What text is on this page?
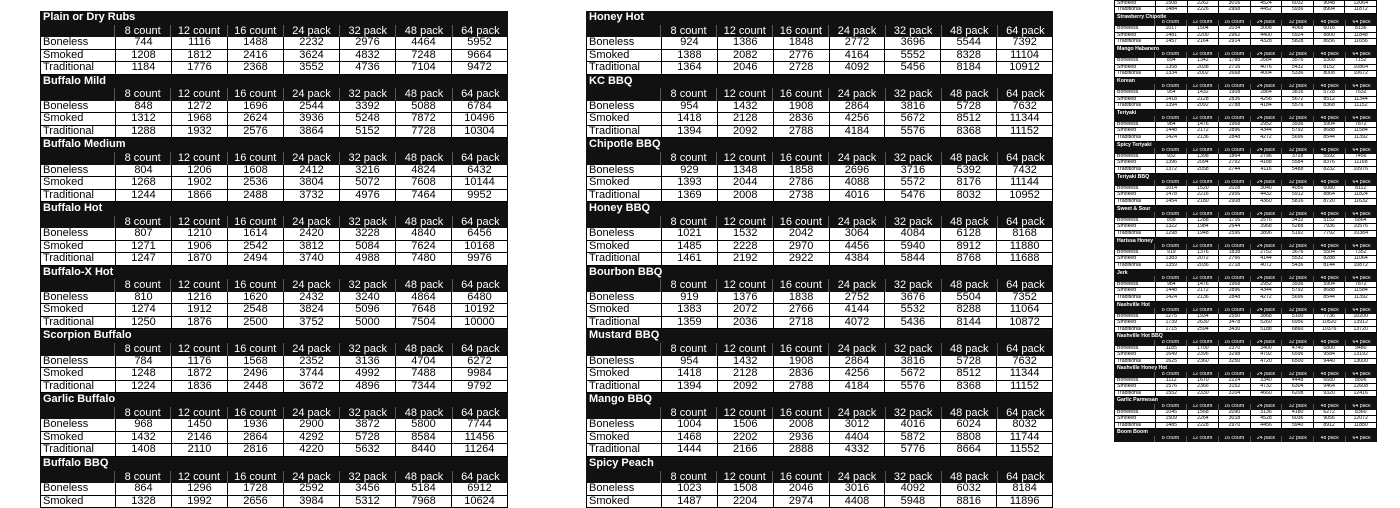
Plain or Dry Rubs
8 count	12 count	16 count	24 pack	32 pack	48 pack	64 pack
Boneless	744	1116	1488	2232	2976	4464	5952
Smoked	1208	1812	2416	3624	4832	7248	9664
Traditional	1184	1776	2368	3552	4736	7104	9472
Buffalo Mild
8 count	12 count	16 count	24 pack	32 pack	48 pack	64 pack
Boneless	848	1272	1696	2544	3392	5088	6784
Smoked	1312	1968	2624	3936	5248	7872	10496
Traditional	1288	1932	2576	3864	5152	7728	10304
Buffalo Medium
8 count	12 count	16 count	24 pack	32 pack	48 pack	64 pack
Boneless	804	1206	1608	2412	3216	4824	6432
Smoked	1268	1902	2536	3804	5072	7608	10144
Traditional	1244	1866	2488	3732	4976	7464	9952
Buffalo Hot
8 count	12 count	16 count	24 pack	32 pack	48 pack	64 pack
Boneless	807	1210	1614	2420	3228	4840	6456
Smoked	1271	1906	2542	3812	5084	7624	10168
Traditional	1247	1870	2494	3740	4988	7480	9976
Buffalo-X Hot
8 count	12 count	16 count	24 pack	32 pack	48 pack	64 pack
Boneless	810	1216	1620	2432	3240	4864	6480
Smoked	1274	1912	2548	3824	5096	7648	10192
Traditional	1250	1876	2500	3752	5000	7504	10000
Scorpion Buffalo
8 count	12 count	16 count	24 pack	32 pack	48 pack	64 pack
Boneless	784	1176	1568	2352	3136	4704	6272
Smoked	1248	1872	2496	3744	4992	7488	9984
Traditional	1224	1836	2448	3672	4896	7344	9792
Garlic Buffalo
8 count	12 count	16 count	24 pack	32 pack	48 pack	64 pack
Boneless	968	1450	1936	2900	3872	5800	7744
Smoked	1432	2146	2864	4292	5728	8584	11456
Traditional	1408	2110	2816	4220	5632	8440	11264
Buffalo BBQ
8 count	12 count	16 count	24 pack	32 pack	48 pack	64 pack
Boneless	864	1296	1728	2592	3456	5184	6912
Smoked	1328	1992	2656	3984	5312	7968	10624
Honey Hot
8 count	12 count	16 count	24 pack	32 pack	48 pack	64 pack
Boneless	924	1386	1848	2772	3696	5544	7392
Smoked	1388	2082	2776	4164	5552	8328	11104
Traditional	1364	2046	2728	4092	5456	8184	10912
KC BBQ
8 count	12 count	16 count	24 pack	32 pack	48 pack	64 pack
Boneless	954	1432	1908	2864	3816	5728	7632
Smoked	1418	2128	2836	4256	5672	8512	11344
Traditional	1394	2092	2788	4184	5576	8368	11152
Chipotle BBQ
8 count	12 count	16 count	24 pack	32 pack	48 pack	64 pack
Boneless	929	1348	1858	2696	3716	5392	7432
Smoked	1393	2044	2786	4088	5572	8176	11144
Traditional	1369	2008	2738	4016	5476	8032	10952
Honey BBQ
8 count	12 count	16 count	24 pack	32 pack	48 pack	64 pack
Boneless	1021	1532	2042	3064	4084	6128	8168
Smoked	1485	2228	2970	4456	5940	8912	11880
Traditional	1461	2192	2922	4384	5844	8768	11688
Bourbon BBQ
8 count	12 count	16 count	24 pack	32 pack	48 pack	64 pack
Boneless	919	1376	1838	2752	3676	5504	7352
Smoked	1383	2072	2766	4144	5532	8288	11064
Traditional	1359	2036	2718	4072	5436	8144	10872
Mustard BBQ
8 count	12 count	16 count	24 pack	32 pack	48 pack	64 pack
Boneless	954	1432	1908	2864	3816	5728	7632
Smoked	1418	2128	2836	4256	5672	8512	11344
Traditional	1394	2092	2788	4184	5576	8368	11152
Mango BBQ
8 count	12 count	16 count	24 pack	32 pack	48 pack	64 pack
Boneless	1004	1506	2008	3012	4016	6024	8032
Smoked	1468	2202	2936	4404	5872	8808	11744
Traditional	1444	2166	2888	4332	5776	8664	11552
Spicy Peach
8 count	12 count	16 count	24 pack	32 pack	48 pack	64 pack
Boneless	1023	1508	2046	3016	4092	6032	8184
Smoked	1487	2204	2974	4408	5948	8816	11896
Smoked	1508	2262	3016	4524	6032	9048	12064
Traditional	1484	2226	2968	4452	5936	8904	11872
Strawberry Chipotle
8 count	12 count	16 count	24 pack	32 pack	48 pack	64 pack
Boneless	1017	1504	2034	3008	4068	6016	8136
Smoked	1481	2200	2962	4400	5924	8800	11848
Traditional	1457	2164	2914	4328	5828	8656	11656
Mango Habanero
8 count	12 count	16 count	24 pack	32 pack	48 pack	64 pack
Boneless	894	1342	1788	2684	3576	5368	7152
Smoked	1358	2038	2716	4076	5432	8152	10864
Traditional	1334	2002	2668	4004	5336	8008	10672
Korean
8 count	12 count	16 count	24 pack	32 pack	48 pack	64 pack
Boneless	954	1432	1908	2864	3816	5728	7632
Smoked	1418	2128	2836	4256	5672	8512	11344
Traditional	1394	2092	2788	4184	5576	8368	11152
Teriyaki
8 count	12 count	16 count	24 pack	32 pack	48 pack	64 pack
Boneless	984	1476	1968	2952	3936	5904	7872
Smoked	1448	2172	2896	4344	5792	8688	11584
Traditional	1424	2136	2848	4272	5696	8544	11392
Spicy Teriyaki
8 count	12 count	16 count	24 pack	32 pack	48 pack	64 pack
Boneless	932	1398	1864	2796	3728	5592	7456
Smoked	1396	2094	2792	4188	5584	8376	11168
Traditional	1372	2058	2744	4116	5488	8232	10976
Teriyaki BBQ
8 count	12 count	16 count	24 pack	32 pack	48 pack	64 pack
Boneless	1014	1520	2028	3040	4056	6080	8112
Smoked	1478	2216	2956	4432	5912	8864	11824
Traditional	1454	2180	2908	4360	5816	8720	11632
Sweet & Sour
8 count	12 count	16 count	24 pack	32 pack	48 pack	64 pack
Boneless	858	1288	1716	2576	3432	5152	6864
Smoked	1322	1984	2644	3968	5288	7936	10576
Traditional	1298	1948	2596	3896	5192	7792	10384
Harissa Honey
8 count	12 count	16 count	24 pack	32 pack	48 pack	64 pack
Boneless	919	1376	1838	2752	3676	5504	7352
Smoked	1383	2072	2766	4144	5532	8288	11064
Traditional	1359	2036	2718	4072	5436	8144	10872
Jerk
8 count	12 count	16 count	24 pack	32 pack	48 pack	64 pack
Boneless	984	1476	1968	2952	3936	5904	7872
Smoked	1448	2172	2896	4344	5792	8688	11584
Traditional	1424	2136	2848	4272	5696	8544	11392
Nashville Hot
8 count	12 count	16 count	24 pack	32 pack	48 pack	64 pack
Boneless	1275	1934	2550	3868	5100	7736	10200
Smoked	1739	2630	3478	5260	6956	10520	13912
Traditional	1715	2594	3430	5188	6860	10376	13720
Nashville Hot BBQ
8 count	12 count	16 count	24 pack	32 pack	48 pack	64 pack
Boneless	1185	1700	2370	3400	4740	6800	9480
Smoked	1649	2396	3298	4792	6596	9584	13192
Traditional	1625	2360	3250	4720	6500	9440	13000
Nashville Honey Hot
8 count	12 count	16 count	24 pack	32 pack	48 pack	64 pack
Boneless	1112	1670	2224	3340	4448	6680	8896
Smoked	1576	2366	3152	4732	6304	9464	12608
Traditional	1552	2330	3104	4660	6208	9320	12416
Garlic Parmesan
8 count	12 count	16 count	24 pack	32 pack	48 pack	64 pack
Boneless	1045	1568	2090	3136	4180	6272	8360
Smoked	1509	2264	3018	4528	6036	9056	12072
Traditional	1485	2228	2970	4456	5940	8912	11880
Boom Boom
8 count	12 count	16 count	24 pack	32 pack	48 pack	64 pack
